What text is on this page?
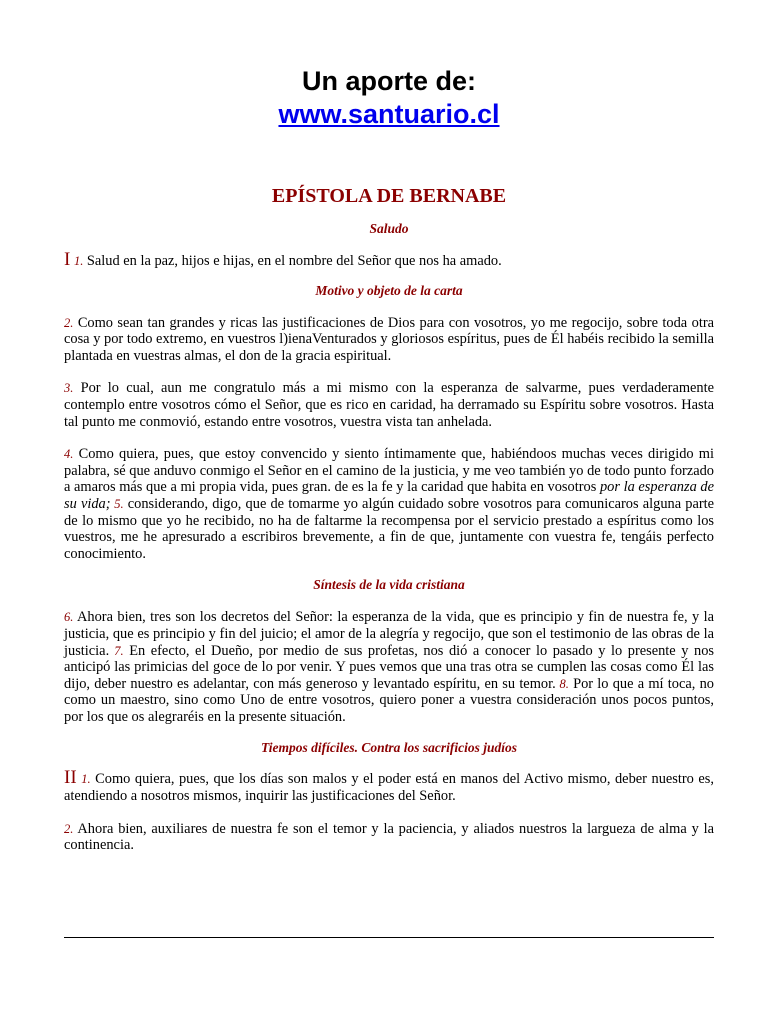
Un aporte de:
www.santuario.cl
EPÍSTOLA DE BERNABE
Saludo

I 1. Salud en la paz, hijos e hijas, en el nombre del Señor que nos ha amado.

Motivo y objeto de la carta

2. Como sean tan grandes y ricas las justificaciones de Dios para con vosotros, yo me regocijo, sobre toda otra cosa y por todo extremo, en vuestros l)ienaVenturados y gloriosos espíritus, pues de Él habéis recibido la semilla plantada en vuestras almas, el don de la gracia espiritual.

3. Por lo cual, aun me congratulo más a mi mismo con la esperanza de salvarme, pues verdaderamente contemplo entre vosotros cómo el Señor, que es rico en caridad, ha derramado su Espíritu sobre vosotros. Hasta tal punto me conmovió, estando entre vosotros, vuestra vista tan anhelada.

4. Como quiera, pues, que estoy convencido y siento íntimamente que, habiéndoos muchas veces dirigido mi palabra, sé que anduvo conmigo el Señor en el camino de la justicia, y me veo también yo de todo punto forzado a amaros más que a mi propia vida, pues gran. de es la fe y la caridad que habita en vosotros por la esperanza de su vida; 5. considerando, digo, que de tomarme yo algún cuidado sobre vosotros para comunicaros alguna parte de lo mismo que yo he recibido, no ha de faltarme la recompensa por el servicio prestado a espíritus como los vuestros, me he apresurado a escribiros brevemente, a fin de que, juntamente con vuestra fe, tengáis perfecto conocimiento.

Síntesis de la vida cristiana

6. Ahora bien, tres son los decretos del Señor: la esperanza de la vida, que es principio y fin de nuestra fe, y la justicia, que es principio y fin del juicio; el amor de la alegría y regocijo, que son el testimonio de las obras de la justicia. 7. En efecto, el Dueño, por medio de sus profetas, nos dió a conocer lo pasado y lo presente y nos anticipó las primicias del goce de lo por venir. Y pues vemos que una tras otra se cumplen las cosas como Él las dijo, deber nuestro es adelantar, con más generoso y levantado espíritu, en su temor. 8. Por lo que a mí toca, no como un maestro, sino como Uno de entre vosotros, quiero poner a vuestra consideración unos pocos puntos, por los que os alegraréis en la presente situación.

Tiempos difíciles. Contra los sacrificios judíos

II 1. Como quiera, pues, que los días son malos y el poder está en manos del Activo mismo, deber nuestro es, atendiendo a nosotros mismos, inquirir las justificaciones del Señor.

2. Ahora bien, auxiliares de nuestra fe son el temor y la paciencia, y aliados nuestros la largueza de alma y la continencia.
